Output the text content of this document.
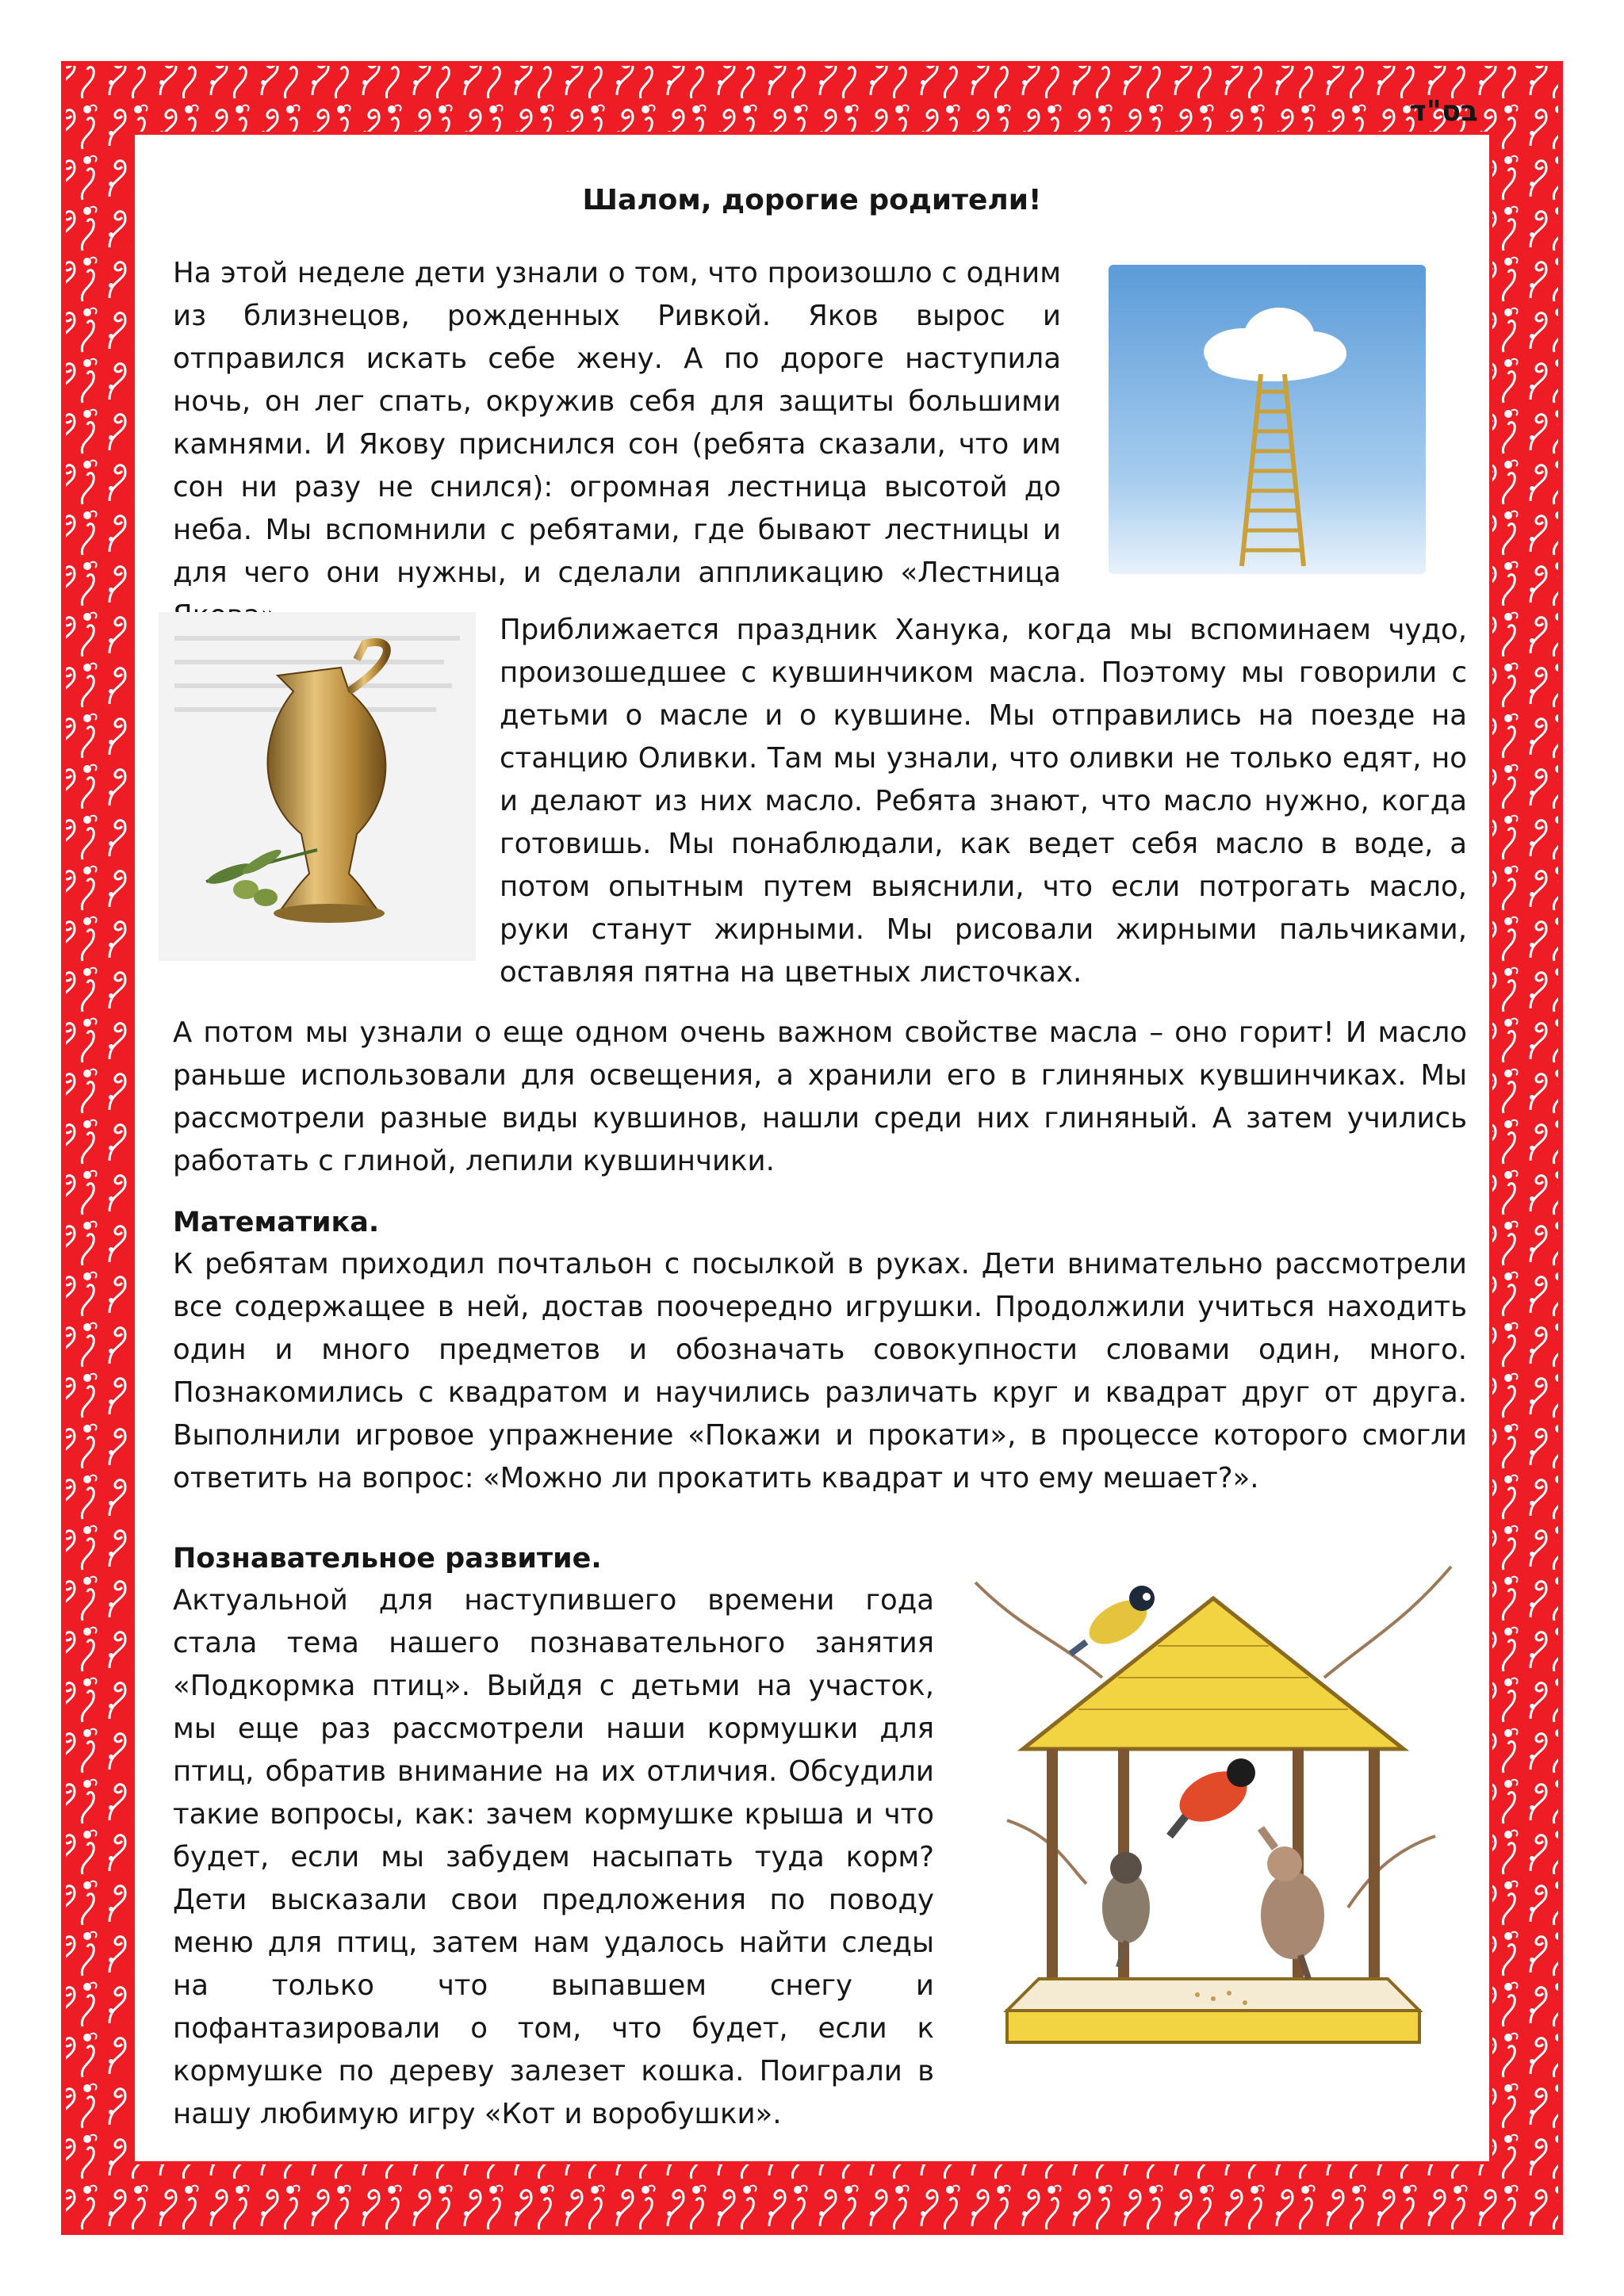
בס"ד
Шалом, дорогие родители!

На этой неделе дети узнали о том, что произошло с одним из близнецов, рожденных Ривкой. Яков вырос и отправился искать себе жену. А по дороге наступила ночь, он лег спать, окружив себя для защиты большими камнями. И Якову приснился сон (ребята сказали, что им сон ни разу не снился): огромная лестница высотой до неба. Мы вспомнили с ребятами, где бывают лестницы и для чего они нужны, и сделали аппликацию «Лестница

Приближается праздник Ханука, когда мы вспоминаем чудо, произошедшее с кувшинчиком масла. Поэтому мы говорили с детьми о масле и о кувшине. Мы отправились на поезде на станцию Оливки. Там мы узнали, что оливки не только едят, но и делают из них масло. Ребята знают, что масло нужно, когда готовишь. Мы понаблюдали, как ведет себя масло в воде, а потом опытным путем выяснили, что если потрогать масло, руки станут жирными. Мы рисовали жирными пальчиками, оставляя пятна на цветных листочках.

А потом мы узнали о еще одном очень важном свойстве масла – оно горит! И масло раньше использовали для освещения, а хранили его в глиняных кувшинчиках. Мы рассмотрели разные виды кувшинов, нашли среди них глиняный. А затем учились работать с глиной, лепили кувшинчики.

Математика.

К ребятам приходил почтальон с посылкой в руках. Дети внимательно рассмотрели все содержащее в ней, достав поочередно игрушки. Продолжили учиться находить один и много предметов и обозначать совокупности словами один, много. Познакомились с квадратом и научились различать круг и квадрат друг от друга. Выполнили игровое упражнение «Покажи и прокати», в процессе которого смогли ответить на вопрос: «Можно ли прокатить квадрат и что ему мешает?».

Познавательное развитие.

Актуальной для наступившего времени года стала тема нашего познавательного занятия «Подкормка птиц». Выйдя с детьми на участок, мы еще раз рассмотрели наши кормушки для птиц, обратив внимание на их отличия. Обсудили такие вопросы, как: зачем кормушке крыша и что будет, если мы забудем насыпать туда корм? Дети высказали свои предложения по поводу меню для птиц, затем нам удалось найти следы на только что выпавшем снегу и пофантазировали о том, что будет, если к кормушке по дереву залезет кошка. Поиграли в нашу любимую игру «Кот и воробушки».
